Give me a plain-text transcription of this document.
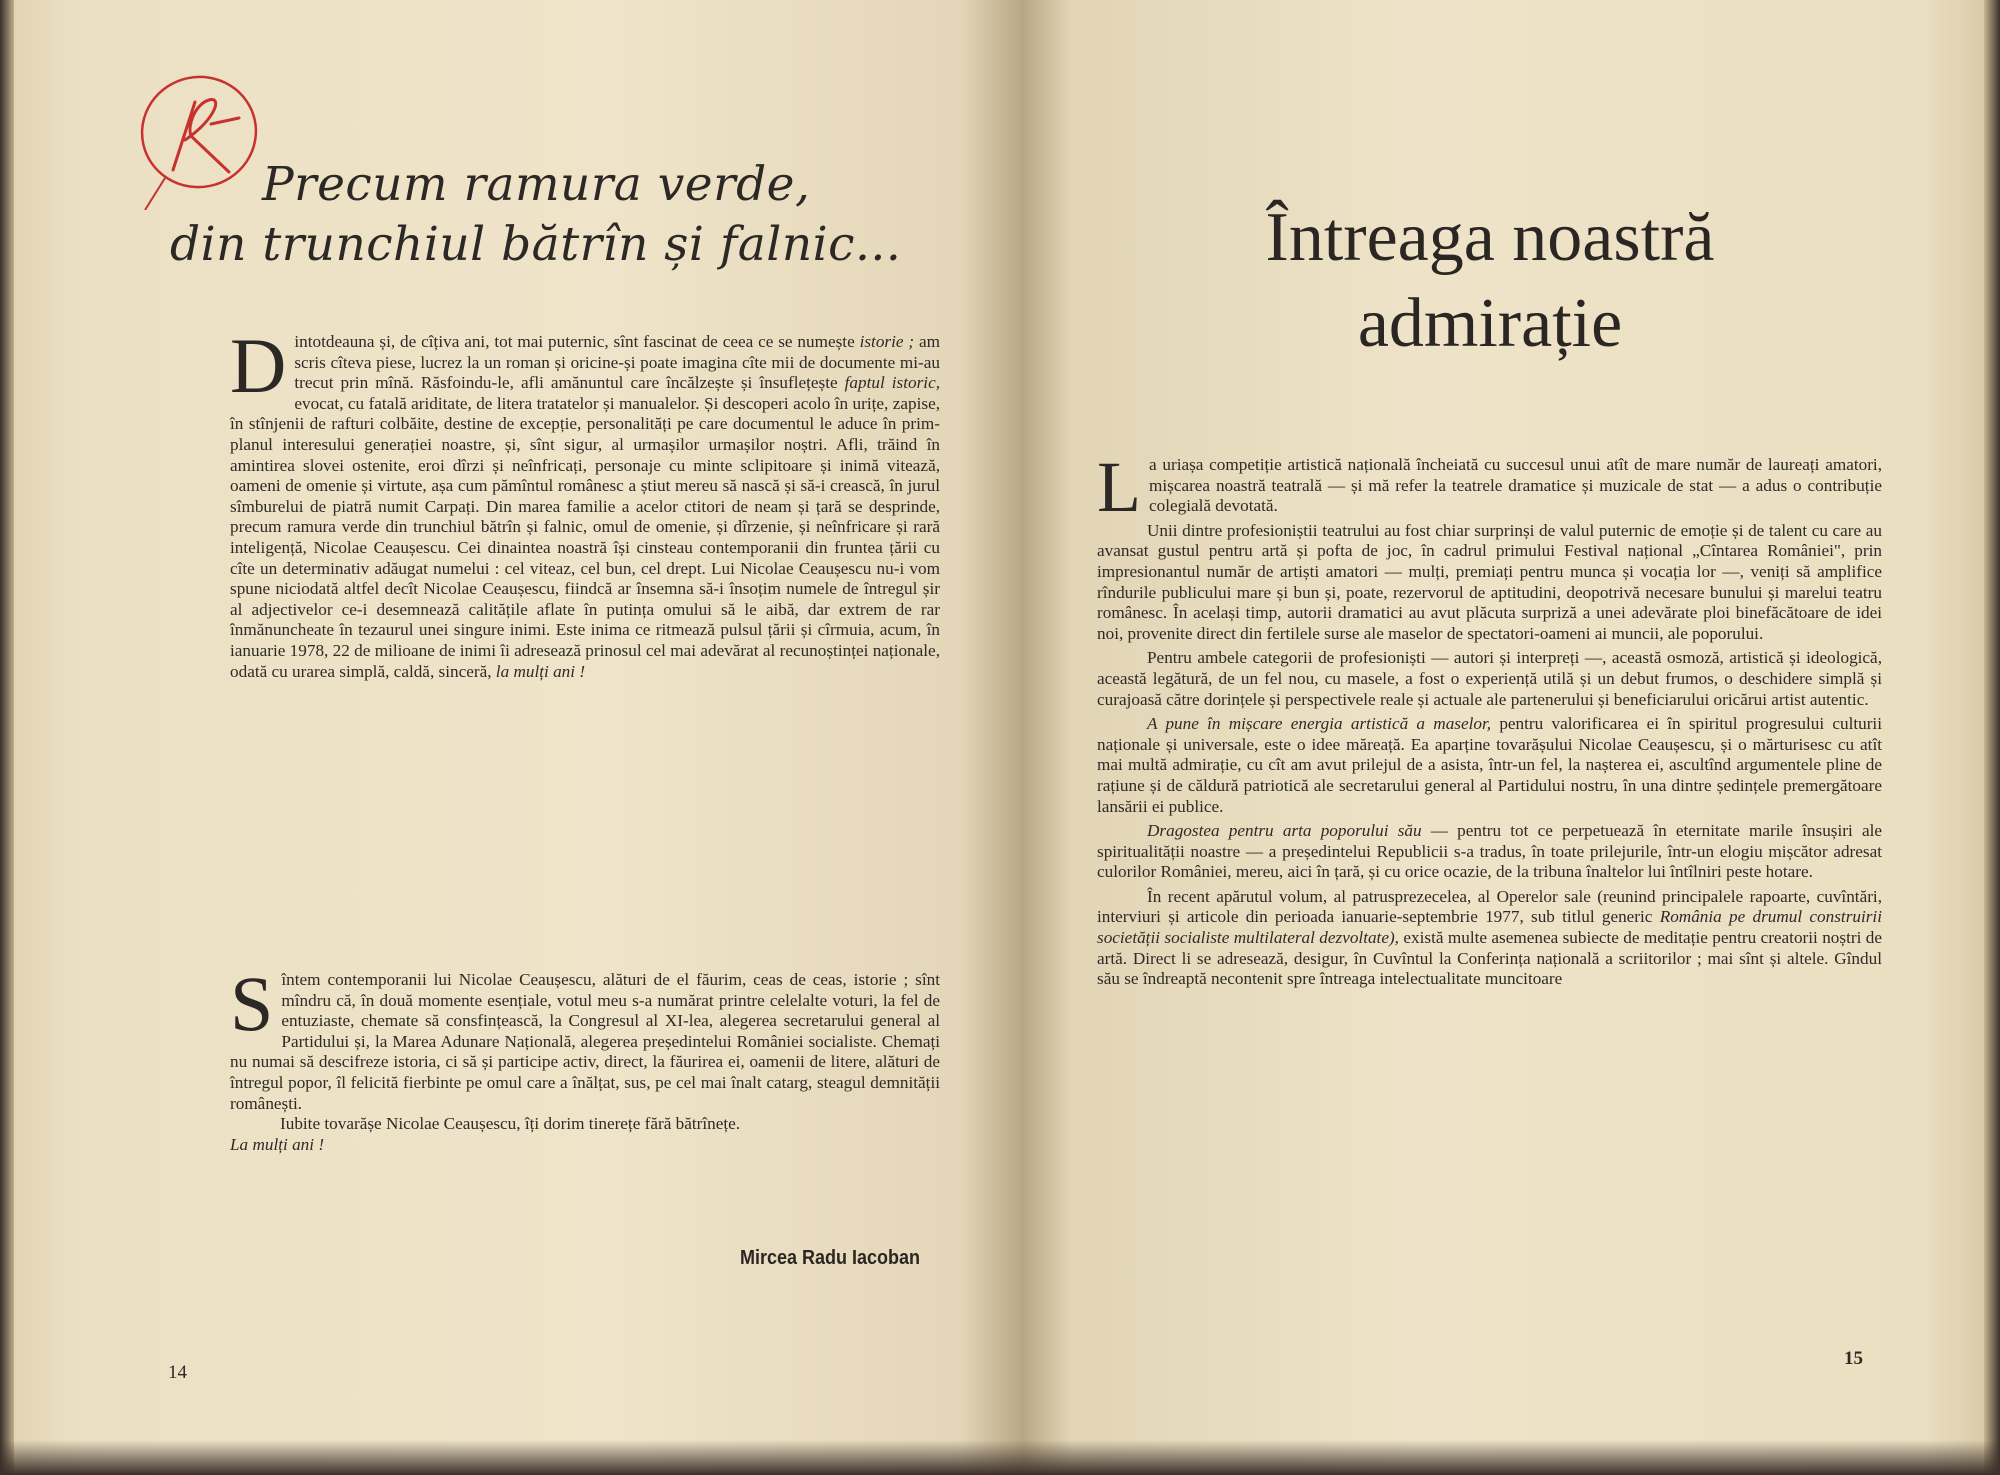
Precum ramura verde,
din trunchiul bătrîn și falnic...
D intotdeauna și, de cîțiva ani, tot mai puternic, sînt fascinat de ceea ce se numește istorie ; am scris cîteva piese, lucrez la un roman și oricine-și poate imagina cîte mii de documente mi-au trecut prin mînă. Răsfoindu-le, afli amănuntul care încălzește și însuflețește faptul istoric, evocat, cu fatală ariditate, de litera tratatelor și manualelor. Și descoperi acolo în urițe, zapise, în stînjenii de rafturi colbăite, destine de excepție, personalități pe care documentul le aduce în prim-planul interesului generației noastre, și, sînt sigur, al urmașilor urmașilor noștri. Afli, trăind în amintirea slovei ostenite, eroi dîrzi și neînfricați, personaje cu minte sclipitoare și inimă vitează, oameni de omenie și virtute, așa cum pămîntul românesc a știut mereu să nască și să-i crească, în jurul sîmburelui de piatră numit Carpați. Din marea familie a acelor ctitori de neam și țară se desprinde, precum ramura verde din trunchiul bătrîn și falnic, omul de omenie, și dîrzenie, și neînfricare și rară inteligență, Nicolae Ceaușescu. Cei dinaintea noastră își cinsteau contemporanii din fruntea țării cu cîte un determinativ adăugat numelui : cel viteaz, cel bun, cel drept. Lui Nicolae Ceaușescu nu-i vom spune niciodată altfel decît Nicolae Ceaușescu, fiindcă ar însemna să-i însoțim numele de întregul șir al adjectivelor ce-i desemnează calitățile aflate în putința omului să le aibă, dar extrem de rar înmănuncheate în tezaurul unei singure inimi. Este inima ce ritmează pulsul țării și cîrmuia, acum, în ianuarie 1978, 22 de milioane de inimi îi adresează prinosul cel mai adevărat al recunoștinței naționale, odată cu urarea simplă, caldă, sinceră, la mulți ani !

S întem contemporanii lui Nicolae Ceaușescu, alături de el făurim, ceas de ceas, istorie ; sînt mîndru că, în două momente esențiale, votul meu s-a numărat printre celelalte voturi, la fel de entuziaste, chemate să consfințească, la Congresul al XI-lea, alegerea secretarului general al Partidului și, la Marea Adunare Națională, alegerea președintelui României socialiste. Chemați nu numai să descifreze istoria, ci să și participe activ, direct, la făurirea ei, oamenii de litere, alături de întregul popor, îl felicită fierbinte pe omul care a înălțat, sus, pe cel mai înalt catarg, steagul demnității românești.

Iubite tovarășe Nicolae Ceaușescu, îți dorim tinerețe fără bătrînețe.

La mulți ani !

Mircea Radu Iacoban
14
Întreaga noastră
admirație
L a uriașa competiție artistică națională încheiată cu succesul unui atît de mare număr de laureați amatori, mișcarea noastră teatrală — și mă refer la teatrele dramatice și muzicale de stat — a adus o contribuție colegială devotată.

Unii dintre profesioniștii teatrului au fost chiar surprinși de valul puternic de emoție și de talent cu care au avansat gustul pentru artă și pofta de joc, în cadrul primului Festival național „Cîntarea României", prin impresionantul număr de artiști amatori — mulți, premiați pentru munca și vocația lor —, veniți să amplifice rîndurile publicului mare și bun și, poate, rezervorul de aptitudini, deopotrivă necesare bunului și marelui teatru românesc. În același timp, autorii dramatici au avut plăcuta surpriză a unei adevărate ploi binefăcătoare de idei noi, provenite direct din fertilele surse ale maselor de spectatori-oameni ai muncii, ale poporului.

Pentru ambele categorii de profesioniști — autori și interpreți —, această osmoză, artistică și ideologică, această legătură, de un fel nou, cu masele, a fost o experiență utilă și un debut frumos, o deschidere simplă și curajoasă către dorințele și perspectivele reale și actuale ale partenerului și beneficiarului oricărui artist autentic.

A pune în mișcare energia artistică a maselor, pentru valorificarea ei în spiritul progresului culturii naționale și universale, este o idee măreață. Ea aparține tovarășului Nicolae Ceaușescu, și o mărturisesc cu atît mai multă admirație, cu cît am avut prilejul de a asista, într-un fel, la nașterea ei, ascultînd argumentele pline de rațiune și de căldură patriotică ale secretarului general al Partidului nostru, în una dintre ședințele premergătoare lansării ei publice.

Dragostea pentru arta poporului său — pentru tot ce perpetuează în eternitate marile însușiri ale spiritualității noastre — a președintelui Republicii s-a tradus, în toate prilejurile, într-un elogiu mișcător adresat culorilor României, mereu, aici în țară, și cu orice ocazie, de la tribuna înaltelor lui întîlniri peste hotare.

În recent apărutul volum, al patrusprezecelea, al Operelor sale (reunind principalele rapoarte, cuvîntări, interviuri și articole din perioada ianuarie-septembrie 1977, sub titlul generic România pe drumul construirii societății socialiste multilateral dezvoltate), există multe asemenea subiecte de meditație pentru creatorii noștri de artă. Direct li se adresează, desigur, în Cuvîntul la Conferința națională a scriitorilor ; mai sînt și altele. Gîndul său se îndreaptă necontenit spre întreaga intelectualitate muncitoare

15
